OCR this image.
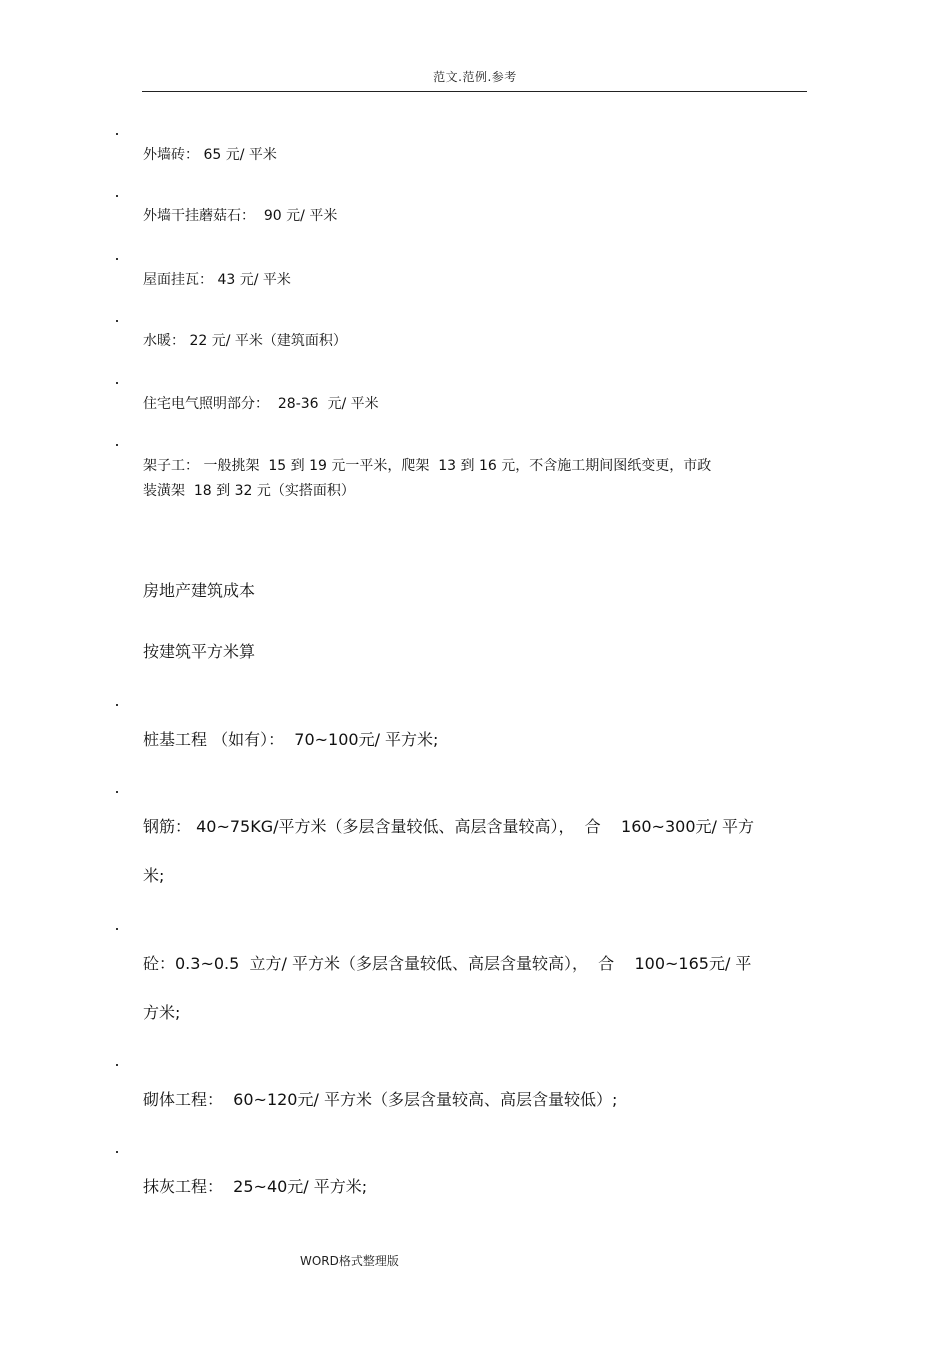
范文.范例.参考
外墙砖： 65 元/ 平米
外墙干挂蘑菇石：  90 元/ 平米
屋面挂瓦： 43 元/ 平米
水暖： 22 元/ 平米（建筑面积）
住宅电气照明部分：  28-36  元/ 平米
架子工： 一般挑架  15 到 19 元一平米，爬架  13 到 16 元，不含施工期间图纸变更，市政
装潢架  18 到 32 元（实搭面积）
房地产建筑成本
按建筑平方米算
桩基工程 （如有）：  70~100元/ 平方米;
钢筋： 40~75KG/平方米（多层含量较低、高层含量较高），  合    160~300元/ 平方
米;
砼：0.3~0.5  立方/ 平方米（多层含量较低、高层含量较高），  合    100~165元/ 平
方米;
砌体工程：  60~120元/ 平方米（多层含量较高、高层含量较低）;
抹灰工程：  25~40元/ 平方米;
WORD格式整理版
